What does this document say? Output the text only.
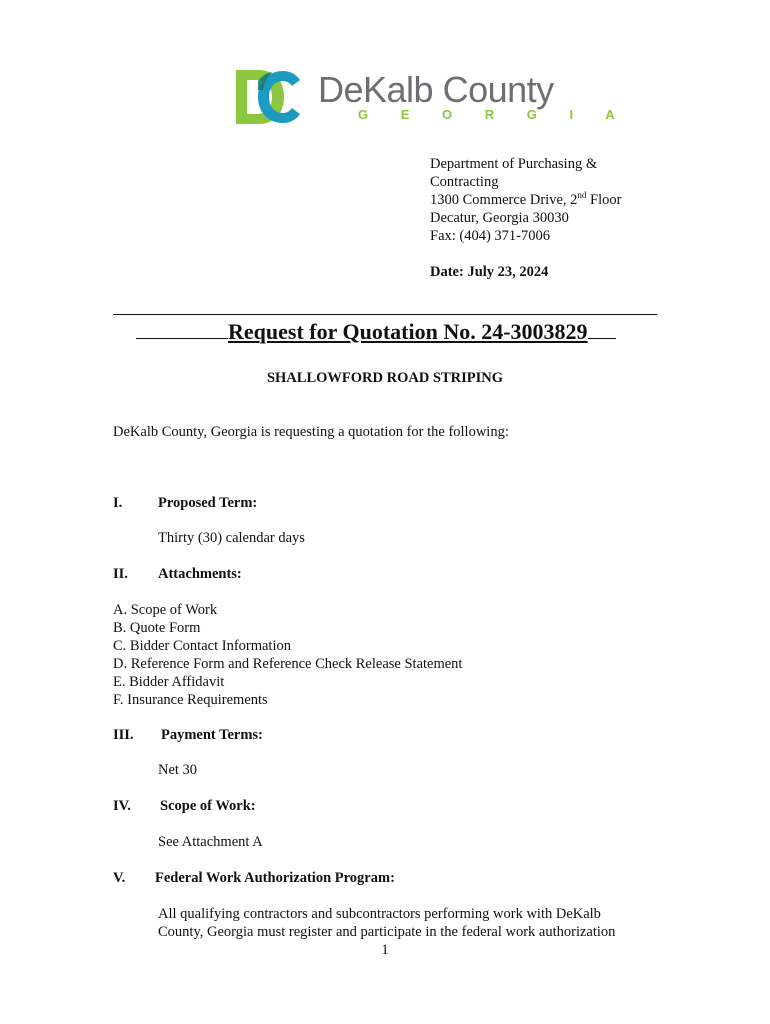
DeKalb County
G E O R G I A
Department of Purchasing &
Contracting
1300 Commerce Drive, 2nd Floor
Decatur, Georgia 30030
Fax: (404) 371-7006
Date: July 23, 2024
Request for Quotation No. 24-3003829
SHALLOWFORD ROAD STRIPING
DeKalb County, Georgia is requesting a quotation for the following:
I. Proposed Term:
Thirty (30) calendar days
II. Attachments:
A. Scope of Work
B. Quote Form
C. Bidder Contact Information
D. Reference Form and Reference Check Release Statement
E. Bidder Affidavit
F. Insurance Requirements
III. Payment Terms:
Net 30
IV. Scope of Work:
See Attachment A
V. Federal Work Authorization Program:
All qualifying contractors and subcontractors performing work with DeKalb
County, Georgia must register and participate in the federal work authorization
1
